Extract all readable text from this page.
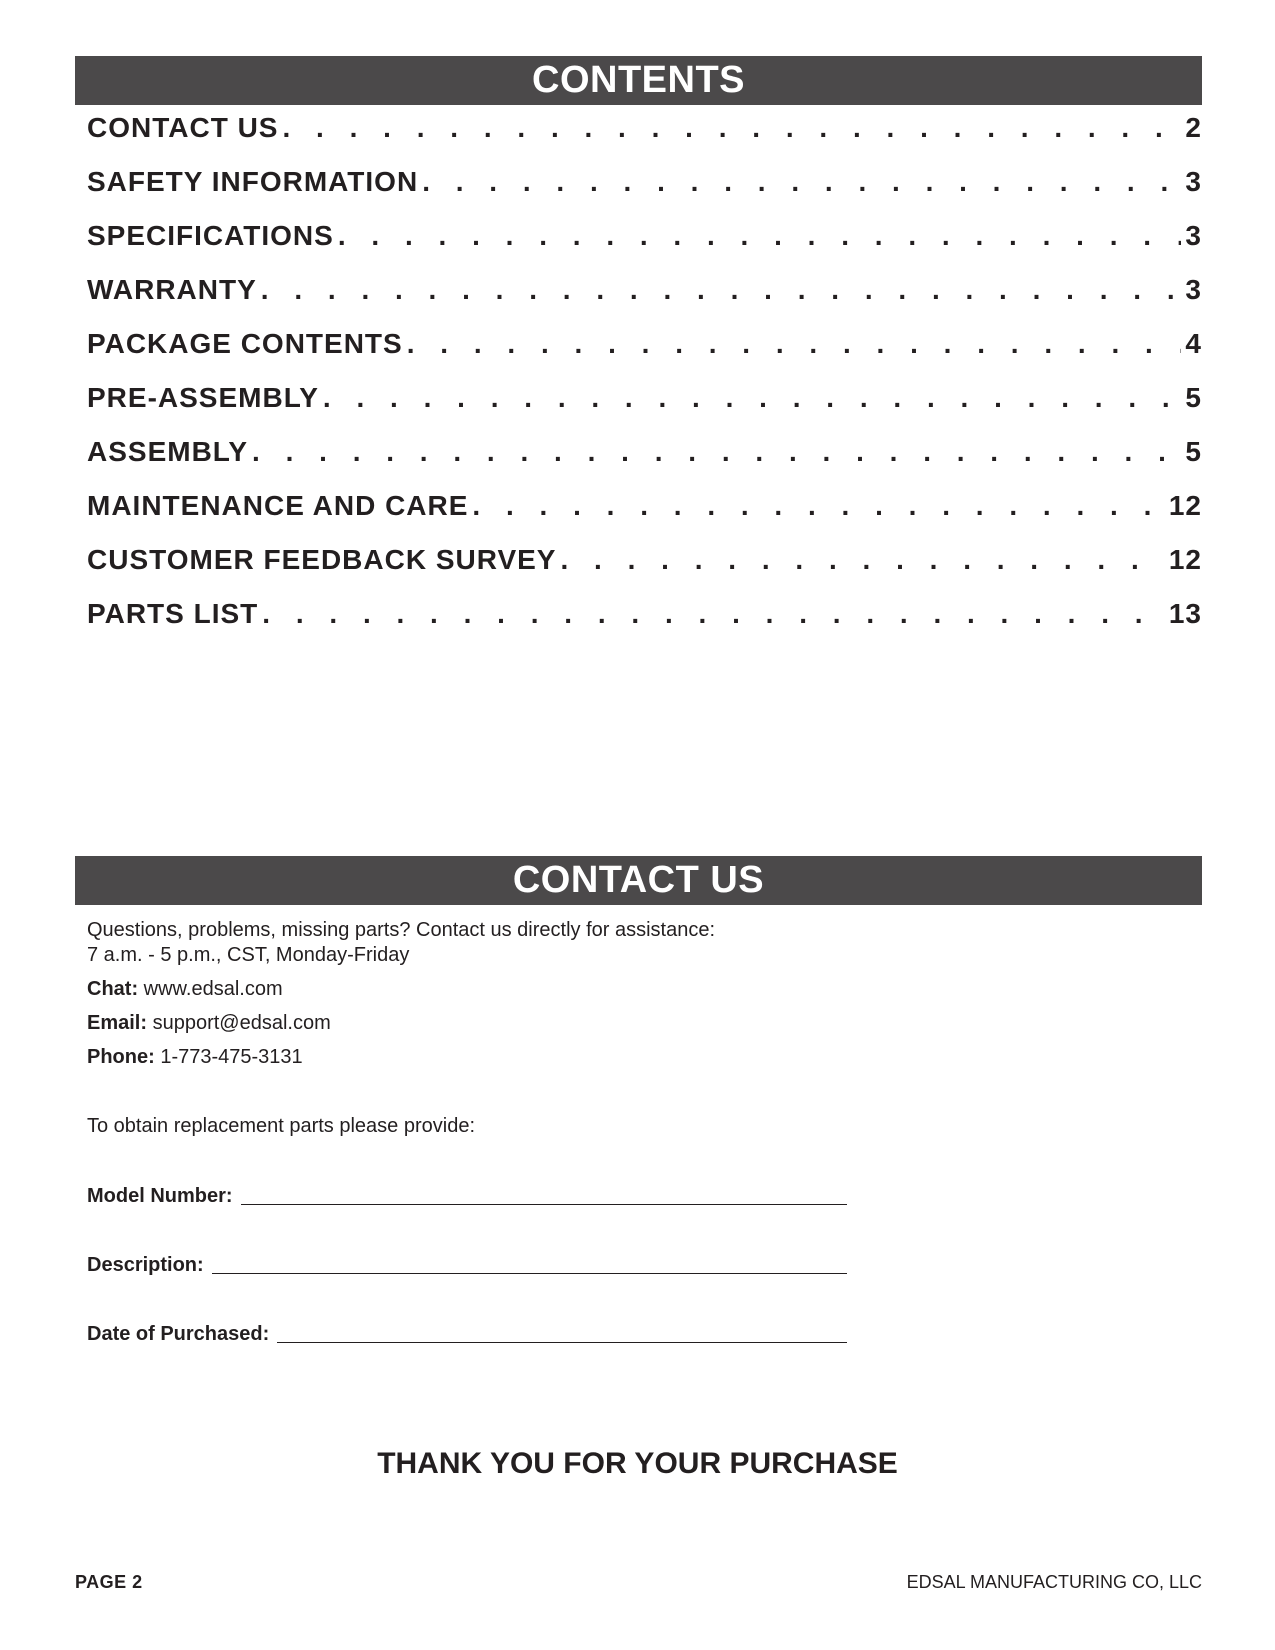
CONTENTS
CONTACT US . . .	2
SAFETY INFORMATION . . .	3
SPECIFICATIONS . . .	3
WARRANTY . . .	3
PACKAGE CONTENTS . . .	4
PRE-ASSEMBLY . . .	5
ASSEMBLY . . .	5
MAINTENANCE AND CARE . . .	12
CUSTOMER FEEDBACK SURVEY . . .	12
PARTS LIST . . .	13
CONTACT US
Questions, problems, missing parts? Contact us directly for assistance:
7 a.m. - 5 p.m., CST, Monday-Friday
Chat: www.edsal.com
Email: support@edsal.com
Phone: 1-773-475-3131
To obtain replacement parts please provide:
Model Number:
Description:
Date of Purchased:
THANK YOU FOR YOUR PURCHASE
PAGE 2	EDSAL MANUFACTURING CO, LLC
